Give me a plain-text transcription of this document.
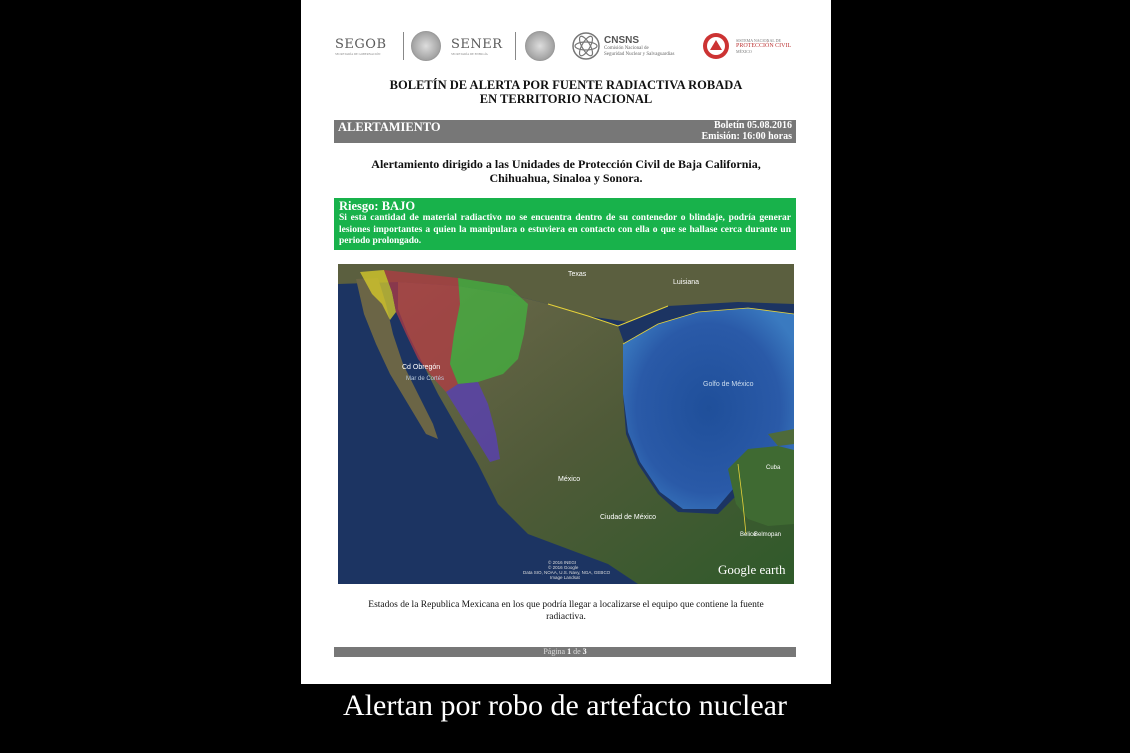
SEGOB
SECRETARÍA DE GOBERNACIÓN
SENER
SECRETARÍA DE ENERGÍA
CNSNS
Comisión Nacional de
Seguridad Nuclear y Salvaguardias
SISTEMA NACIONAL DE
PROTECCIÓN CIVIL
MÉXICO
BOLETÍN DE ALERTA POR FUENTE RADIACTIVA ROBADA
EN TERRITORIO NACIONAL
ALERTAMIENTO	Boletín 05.08.2016
Emisión: 16:00 horas
Alertamiento dirigido a las Unidades de Protección Civil de Baja California,
Chihuahua, Sinaloa y Sonora.
Riesgo: BAJO
Si esta cantidad de material radiactivo no se encuentra dentro de su contenedor o blindaje, podría generar lesiones importantes a quien la manipulara o estuviera en contacto con ella o que se hallase cerca durante un periodo prolongado.
Texas
Luisiana
Golfo de México
Cd Obregón
Mar de Cortés
México
Ciudad de México
Cuba
Belice
Belmopan
© 2016 INEGI
© 2016 Google
Data SIO, NOAA, U.S. Navy, NGA, GEBCO
Image Landsat
Google earth
Estados de la Republica Mexicana en los que podría llegar a localizarse el equipo que contiene la fuente
radiactiva.
Página 1 de 3
Alertan por robo de artefacto nuclear
